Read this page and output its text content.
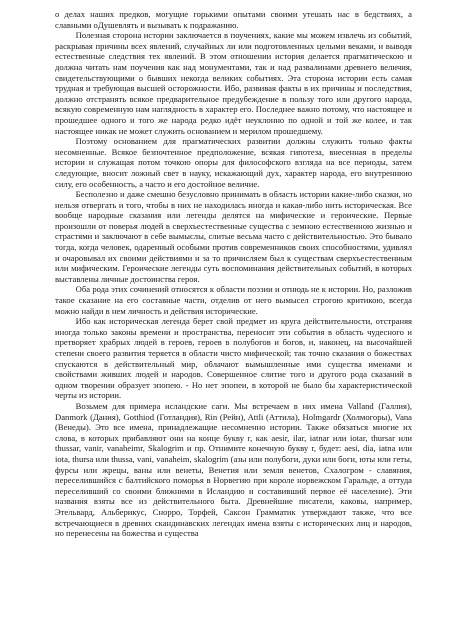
о делах наших предков, могущие горькими опытами своими утешать нас в бедствиях, а славными оДушевлять и вызывать к подражанию.

Полезная сторона истории заключается в поучениях, какие мы можем извлечь из событий, раскрывая причины всех явлений, случайных ли или подготовленных целыми веками, и выводя естественные следствия тех явлений. В этом отношении история делается прагматическою и должна читать нам поучения как над монументами, так и над развалинами древнего величия, свидетельствующими о бывших некогда великих событиях. Эта сторона истории есть самая трудная и требующая высшей осторожности. Ибо, развивая факты в их причины и последствия, должно отстранять всякое предварительное предубеждение в пользу того или другого народа, всякую современную нам наглядность в характер его. Последнее важно потому, что настоящее и прошедшее одного и того же народа редко идёт неуклонно по одной и той же колее, и так настоящее никак не может служить основанием и мерилом прошедшему.

Поэтому основанием для прагматических развитии должны служить только факты несомненные. Всякое безпочтенное предположение, всякая гипотеза, внесенная в пределы истории и служащая потом точкою опоры для философского взгляда на все периоды, затем следующие, вносит ложный свет в науку, искажающий дух, характер народа, его внутреннюю силу, его особенность, а часто и его достойное величие.

Бесполезно и даже смешно безусловно принимать в область истории какие-либо сказки, но нельзя отвергать и того, чтобы в них не находилась иногда и какая-либо нить историческая. Все вообще народные сказания или легенды делятся на мифические и героические. Первые произошли от поверья людей в сверхъестественные существа с земною естественною жизнью и страстями и заключают в себе вымыслы, слитые весьма часто с действительностью. Это бывало тогда, когда человек, одаренный особыми против современников своих способностями, удивлял и очаровывал их своими действиями и за то причисляем был к существам сверхъестественным или мифическим. Героические легенды суть воспоминания действительных событий, в которых выставлены личные достоинства героя.

Оба рода этих сочинений относятся к области поэзии и отнюдь не к истории. Но, разложив такое сказание на его составные части, отделив от него вымысел строгою критикою, всегда можно найди в нем личность и действия исторические.

Ибо как историческая легенда берет свой предмет из круга действительности, отстраняя иногда только законы времени и пространства, переносит эти события в область чудесного и претворяет храбрых людей в героев, героев в полубогов и богов, и, наконец, на высочайшей степени своего развития теряется в области чисто мифической; так точно сказания о божествах спускаются в действительный мир, облачают вымышленные ими существа именами и свойствами живших людей и народов. Совершенное слитие того и другого рода сказаний в одном творении образует эпопею. - Но нет эпопеи, в которой не было бы характеристической черты из истории.

Возьмем для примера исландские саги. Мы встречаем в них имена Valland (Галлия), Danmork (Дания), Gotthiod (Готландия), Rin (Рейн), Attli (Аттила), Holmgardr (Холмогоры), Vana (Венеды). Это все имена, принадлежащие несомненно истории. Также обязаться многие их слова, в которых прибавляют они на конце букву r, как aesir, ilar, iatnar или iotar, thursar или thussar, vanir, vanaheimr, Skalogrim и пр. Отнимите конечную букву r, будет: aesi, dia, iatna или iota, thursa или thussa, vani, vanaheim, skalogrim (азы или полубоги, дуки или боги, юты или геты, фурсы или жрецы, ваны или венеты, Венетия или земля венетов, Схалогром - славяния, переселившийся с балтийского поморья в Норвегию при короле норвежском Гаральде, а оттуда переселивший со своими ближними в Исландию и составивший первое её население). Эти названия взяты все из действительного быта. Древнейшие писатели, каковы, например, Этельвард, Альберикус, Снорро, Торфей, Саксон Грамматик утверждают также, что все встречающиеся в древних скандинавских легендах имена взяты с исторических лиц и народов, но перенесены на божества и существа
